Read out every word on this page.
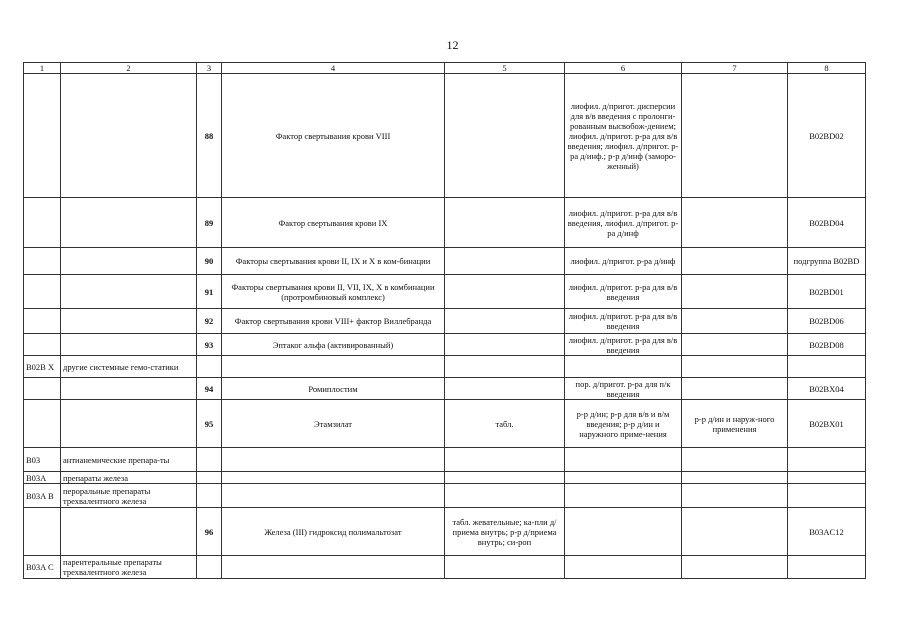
12
1	2	3	4	5	6	7	8
		88	Фактор свертывания крови VIII		лиофил. д/пригот. дисперсии для в/в введения с пролонги-рованным высвобож-дением; лиофил. д/пригот. р-ра для в/в введения; лиофил. д/пригот. р-ра д/инф.; р-р д/инф (заморо-женный)		B02BD02
		89	Фактор свертывания крови IX		лиофил. д/пригот. р-ра для в/в введения, лиофил. д/пригот. р-ра д/инф		B02BD04
		90	Факторы свертывания крови II, IX и X в ком-бинации		лиофил. д/пригот. р-ра д/инф		подгруппа B02BD
		91	Факторы свертывания крови II, VII, IX, X в комбинации (протромбиновый комплекс)		лиофил. д/пригот. р-ра для в/в введения		B02BD01
		92	Фактор свертывания крови VIII+ фактор Виллебранда		лиофил. д/пригот. р-ра для в/в введения		B02BD06
		93	Эптаког альфа (активированный)		лиофил. д/пригот. р-ра для в/в введения		B02BD08
B02B X	другие системные гемо-статики						
		94	Ромиплостим		пор. д/пригот. р-ра для п/к введения		B02BX04
		95	Этамзилат	табл.	р-р д/ин; р-р для в/в и в/м введения; р-р д/ин и наружного приме-нения	р-р д/ин и наруж-ного применения	B02BX01
B03	антианемические препара-ты						
B03A	препараты железа						
B03A B	пероральные препараты трехвалентного железа						
		96	Железа (III) гидроксид полимальтозат	табл. жевательные; ка-пли д/приема внутрь; р-р д/приема внутрь; си-роп			B03AC12
B03A C	парентеральные препараты трехвалентного железа						
